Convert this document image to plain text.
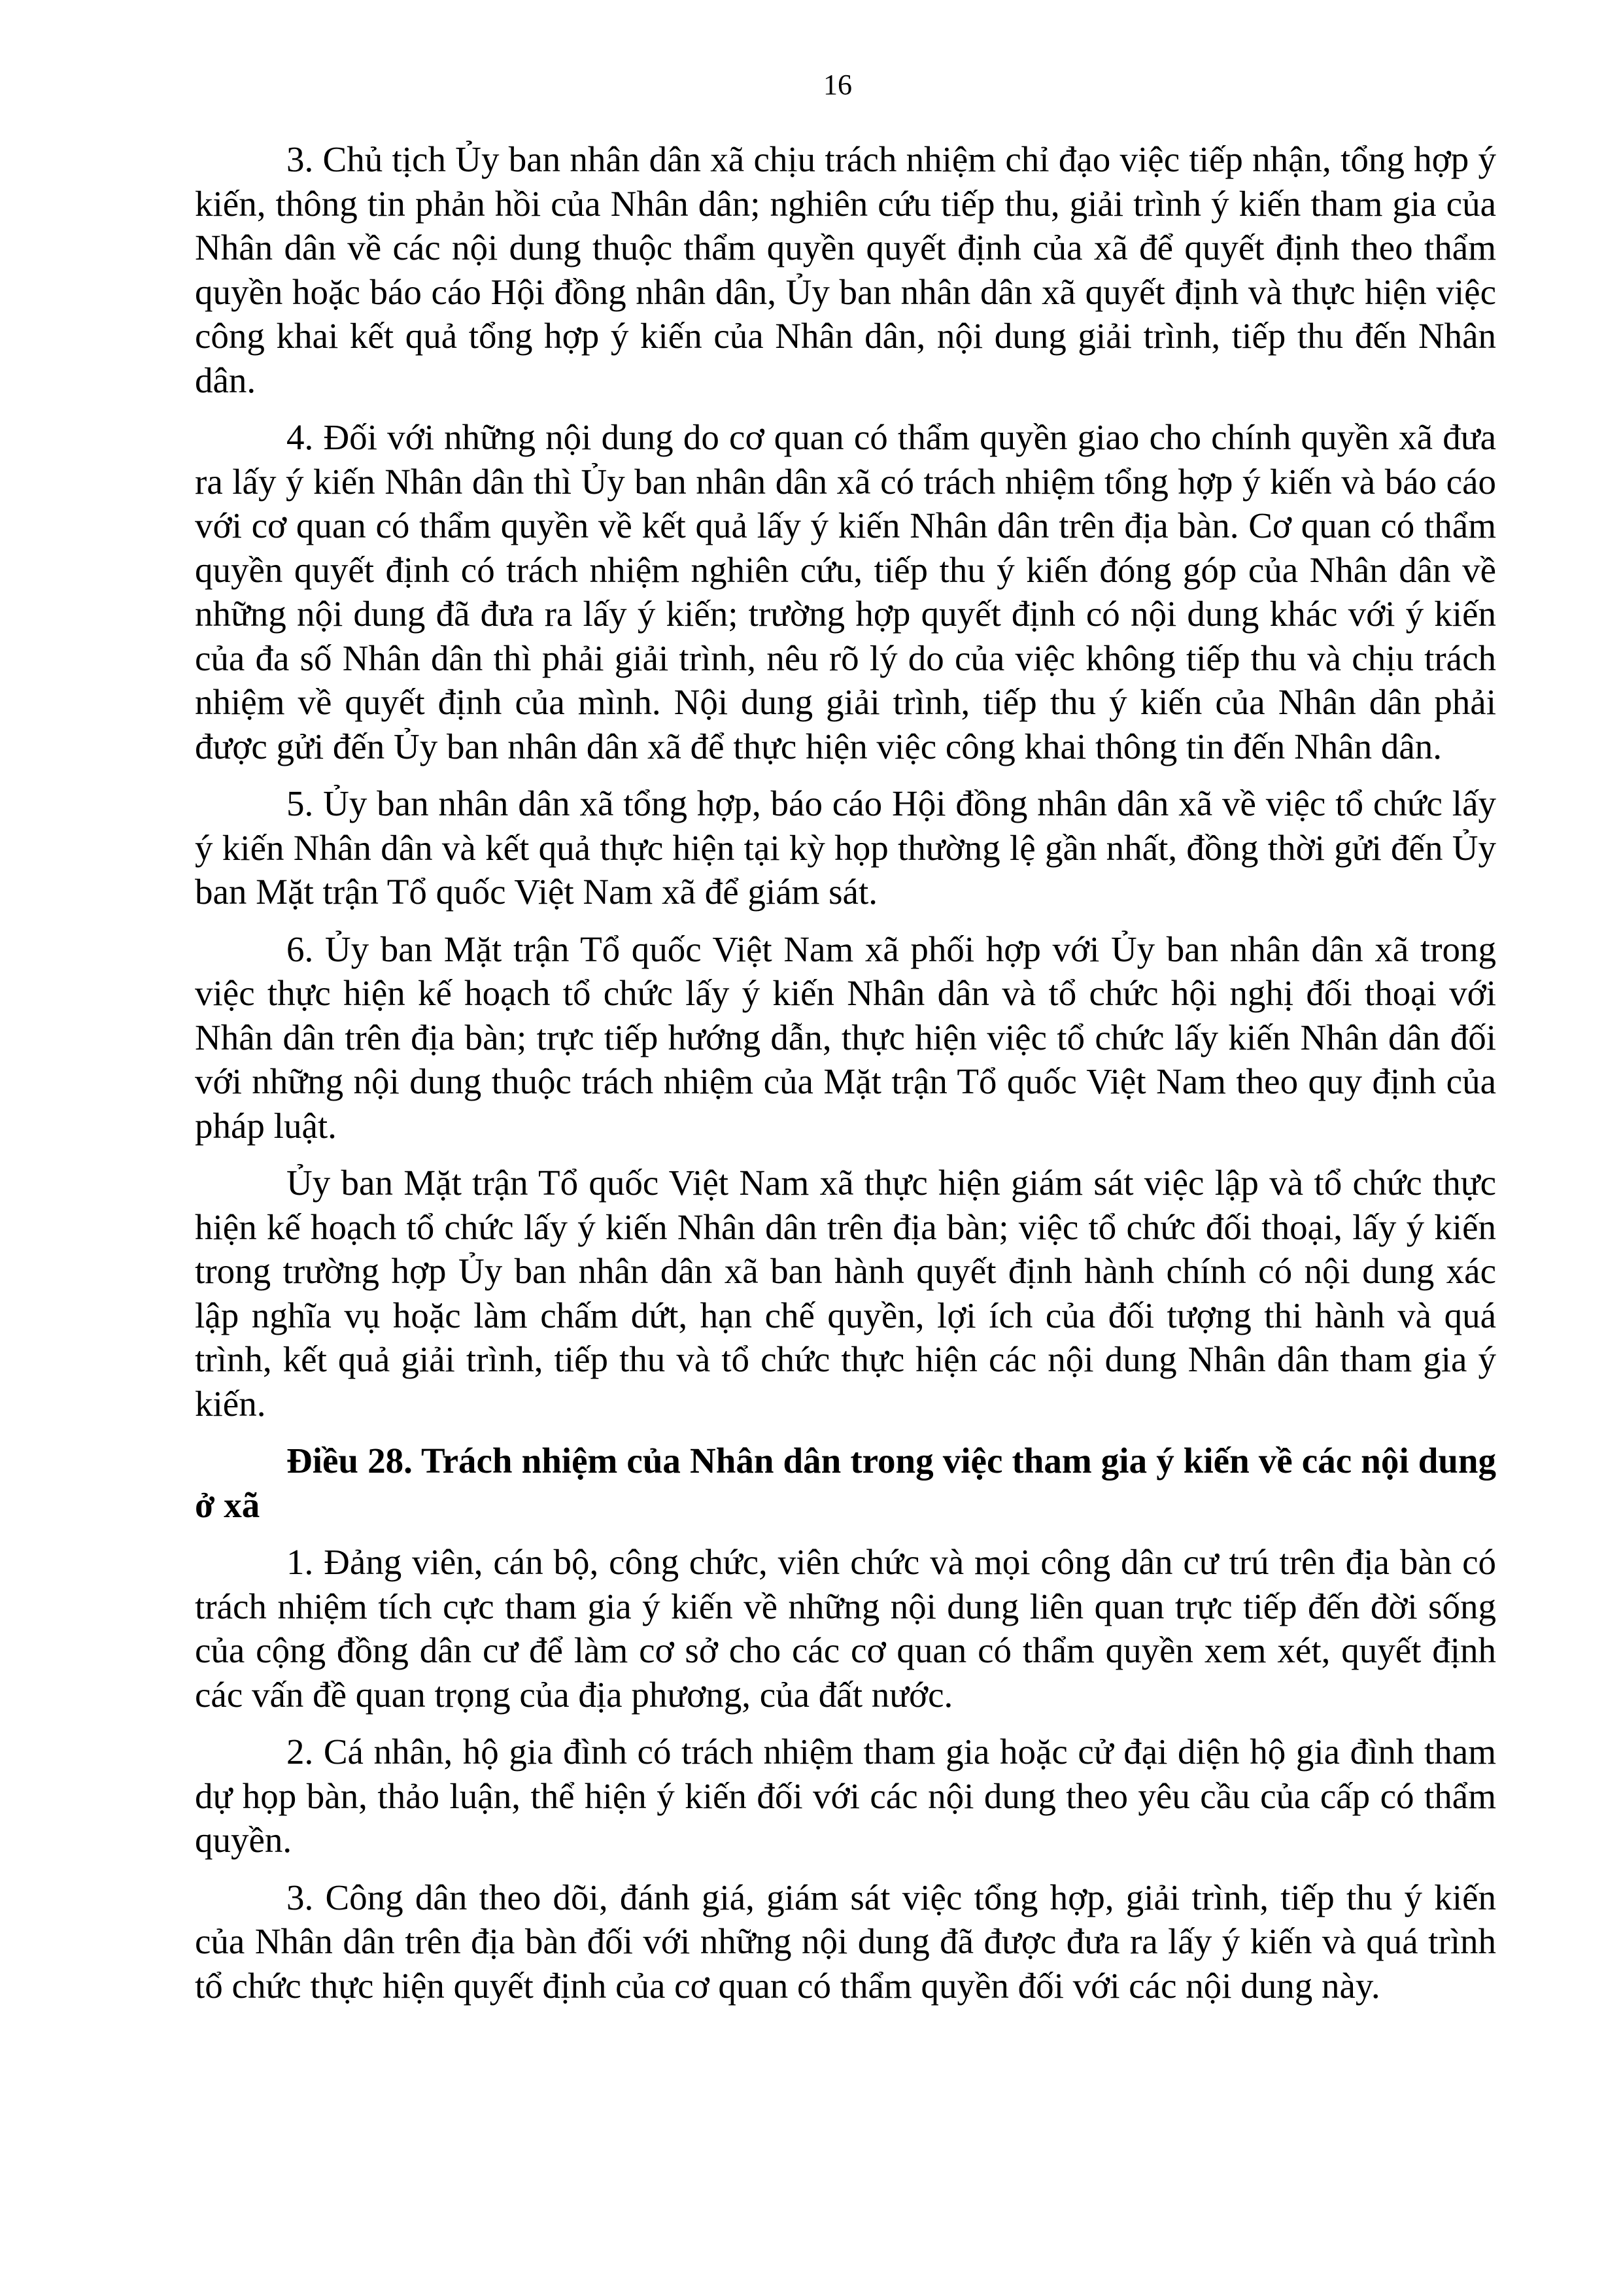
16

3. Chủ tịch Ủy ban nhân dân xã chịu trách nhiệm chỉ đạo việc tiếp nhận, tổng hợp ý kiến, thông tin phản hồi của Nhân dân; nghiên cứu tiếp thu, giải trình ý kiến tham gia của Nhân dân về các nội dung thuộc thẩm quyền quyết định của xã để quyết định theo thẩm quyền hoặc báo cáo Hội đồng nhân dân, Ủy ban nhân dân xã quyết định và thực hiện việc công khai kết quả tổng hợp ý kiến của Nhân dân, nội dung giải trình, tiếp thu đến Nhân dân.

4. Đối với những nội dung do cơ quan có thẩm quyền giao cho chính quyền xã đưa ra lấy ý kiến Nhân dân thì Ủy ban nhân dân xã có trách nhiệm tổng hợp ý kiến và báo cáo với cơ quan có thẩm quyền về kết quả lấy ý kiến Nhân dân trên địa bàn. Cơ quan có thẩm quyền quyết định có trách nhiệm nghiên cứu, tiếp thu ý kiến đóng góp của Nhân dân về những nội dung đã đưa ra lấy ý kiến; trường hợp quyết định có nội dung khác với ý kiến của đa số Nhân dân thì phải giải trình, nêu rõ lý do của việc không tiếp thu và chịu trách nhiệm về quyết định của mình. Nội dung giải trình, tiếp thu ý kiến của Nhân dân phải được gửi đến Ủy ban nhân dân xã để thực hiện việc công khai thông tin đến Nhân dân.

5. Ủy ban nhân dân xã tổng hợp, báo cáo Hội đồng nhân dân xã về việc tổ chức lấy ý kiến Nhân dân và kết quả thực hiện tại kỳ họp thường lệ gần nhất, đồng thời gửi đến Ủy ban Mặt trận Tổ quốc Việt Nam xã để giám sát.

6. Ủy ban Mặt trận Tổ quốc Việt Nam xã phối hợp với Ủy ban nhân dân xã trong việc thực hiện kế hoạch tổ chức lấy ý kiến Nhân dân và tổ chức hội nghị đối thoại với Nhân dân trên địa bàn; trực tiếp hướng dẫn, thực hiện việc tổ chức lấy kiến Nhân dân đối với những nội dung thuộc trách nhiệm của Mặt trận Tổ quốc Việt Nam theo quy định của pháp luật.

Ủy ban Mặt trận Tổ quốc Việt Nam xã thực hiện giám sát việc lập và tổ chức thực hiện kế hoạch tổ chức lấy ý kiến Nhân dân trên địa bàn; việc tổ chức đối thoại, lấy ý kiến trong trường hợp Ủy ban nhân dân xã ban hành quyết định hành chính có nội dung xác lập nghĩa vụ hoặc làm chấm dứt, hạn chế quyền, lợi ích của đối tượng thi hành và quá trình, kết quả giải trình, tiếp thu và tổ chức thực hiện các nội dung Nhân dân tham gia ý kiến.

Điều 28. Trách nhiệm của Nhân dân trong việc tham gia ý kiến về các nội dung ở xã

1. Đảng viên, cán bộ, công chức, viên chức và mọi công dân cư trú trên địa bàn có trách nhiệm tích cực tham gia ý kiến về những nội dung liên quan trực tiếp đến đời sống của cộng đồng dân cư để làm cơ sở cho các cơ quan có thẩm quyền xem xét, quyết định các vấn đề quan trọng của địa phương, của đất nước.

2. Cá nhân, hộ gia đình có trách nhiệm tham gia hoặc cử đại diện hộ gia đình tham dự họp bàn, thảo luận, thể hiện ý kiến đối với các nội dung theo yêu cầu của cấp có thẩm quyền.

3. Công dân theo dõi, đánh giá, giám sát việc tổng hợp, giải trình, tiếp thu ý kiến của Nhân dân trên địa bàn đối với những nội dung đã được đưa ra lấy ý kiến và quá trình tổ chức thực hiện quyết định của cơ quan có thẩm quyền đối với các nội dung này.
